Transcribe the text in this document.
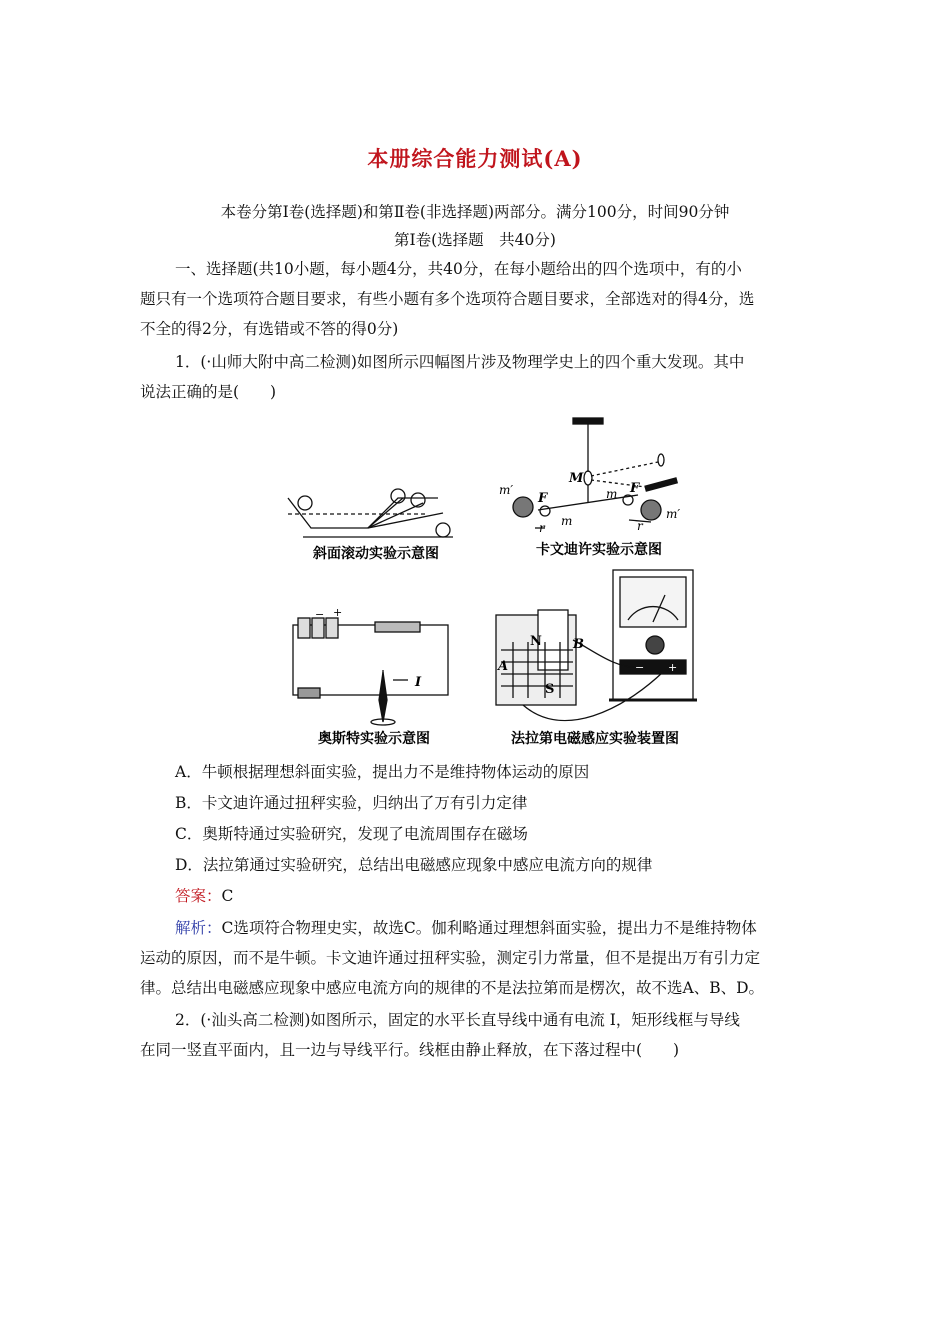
本册综合能力测试(A)
本卷分第Ⅰ卷(选择题)和第Ⅱ卷(非选择题)两部分。满分100分，时间90分钟
第Ⅰ卷(选择题　共40分)
一、选择题(共10小题，每小题4分，共40分，在每小题给出的四个选项中，有的小
题只有一个选项符合题目要求，有些小题有多个选项符合题目要求，全部选对的得4分，选
不全的得2分，有选错或不答的得0分)
1．(·山师大附中高二检测)如图所示四幅图片涉及物理学史上的四个重大发现。其中
说法正确的是(　　)
斜面滚动实验示意图
m′
F
r m
M
m F
r
m′
卡文迪许实验示意图
− +
I
奥斯特实验示意图
N
S
A
B
− +
法拉第电磁感应实验装置图
A．牛顿根据理想斜面实验，提出力不是维持物体运动的原因
B．卡文迪许通过扭秤实验，归纳出了万有引力定律
C．奥斯特通过实验研究，发现了电流周围存在磁场
D．法拉第通过实验研究，总结出电磁感应现象中感应电流方向的规律
答案：C
解析：C选项符合物理史实，故选C。伽利略通过理想斜面实验，提出力不是维持物体
运动的原因，而不是牛顿。卡文迪许通过扭秤实验，测定引力常量，但不是提出万有引力定
律。总结出电磁感应现象中感应电流方向的规律的不是法拉第而是楞次，故不选A、B、D。
2．(·汕头高二检测)如图所示，固定的水平长直导线中通有电流 I，矩形线框与导线
在同一竖直平面内，且一边与导线平行。线框由静止释放，在下落过程中(　　)
